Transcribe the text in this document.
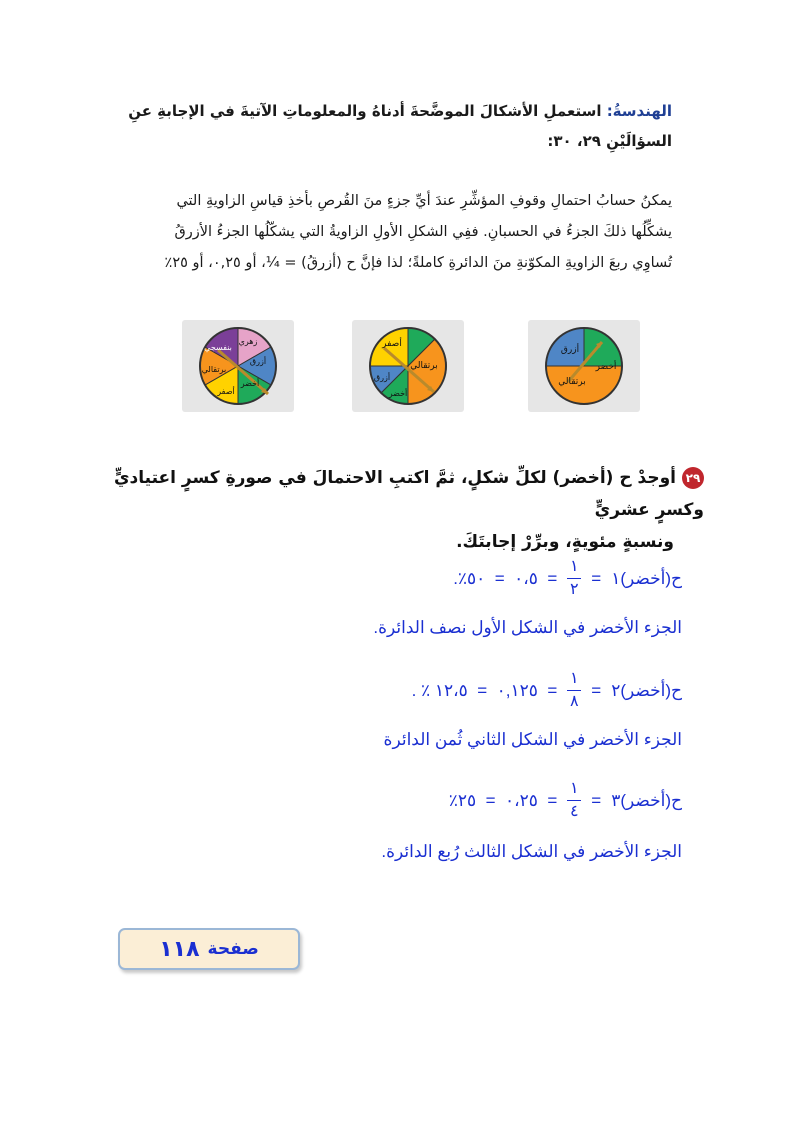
الهندسةُ: استعملِ الأشكالَ الموضَّحةَ أدناهُ والمعلوماتِ الآتيةَ في الإجابةِ عنِ السؤالَيْنِ ٢٩، ٣٠:
يمكنُ حسابُ احتمالِ وقوفِ المؤشِّرِ عندَ أيِّ جزءٍ منَ القُرصِ بأخذِ قياسِ الزاويةِ التي
يشكِّلُها ذلكَ الجزءُ في الحسبانِ. ففِي الشكلِ الأولِ الزاويةُ التي يشكّلُها الجزءُ الأزرقُ
تُساوِي ربعَ الزاويةِ المكوّنةِ منَ الدائرةِ كاملةً؛ لذا فإنَّ ح (أزرقُ) = ¼، أو ٠,٢٥، أو ٢٥٪
أزرق
أخضر
برتقالي
أصفر
برتقالي
أزرق
أخضر
زهري
أزرق
أخضر
أصفر
برتقالي
بنفسجي
٢٩أوجدْ ح (أخضر) لكلِّ شكلٍ، ثمَّ اكتبِ الاحتمالَ في صورةِ كسرٍ اعتياديٍّ وكسرٍ عشريٍّ
ونسبةٍ مئويةٍ، وبرِّرْ إجابتَكَ.
ح(أخضر)١
=
$\frac{١}{٢}$
=  ٠،٥  =  ٥٠٪.
الجزء الأخضر في الشكل الأول نصف الدائرة.
ح(أخضر)٢
=
$\frac{١}{٨}$
=  ٠,١٢٥  =  ١٢،٥ ٪ .
الجزء الأخضر في الشكل الثاني ثُمن الدائرة
ح(أخضر)٣
=
$\frac{١}{٤}$
=  ٠،٢٥  =  ٢٥٪
الجزء الأخضر في الشكل الثالث رُبع الدائرة.
صفحة
١١٨
